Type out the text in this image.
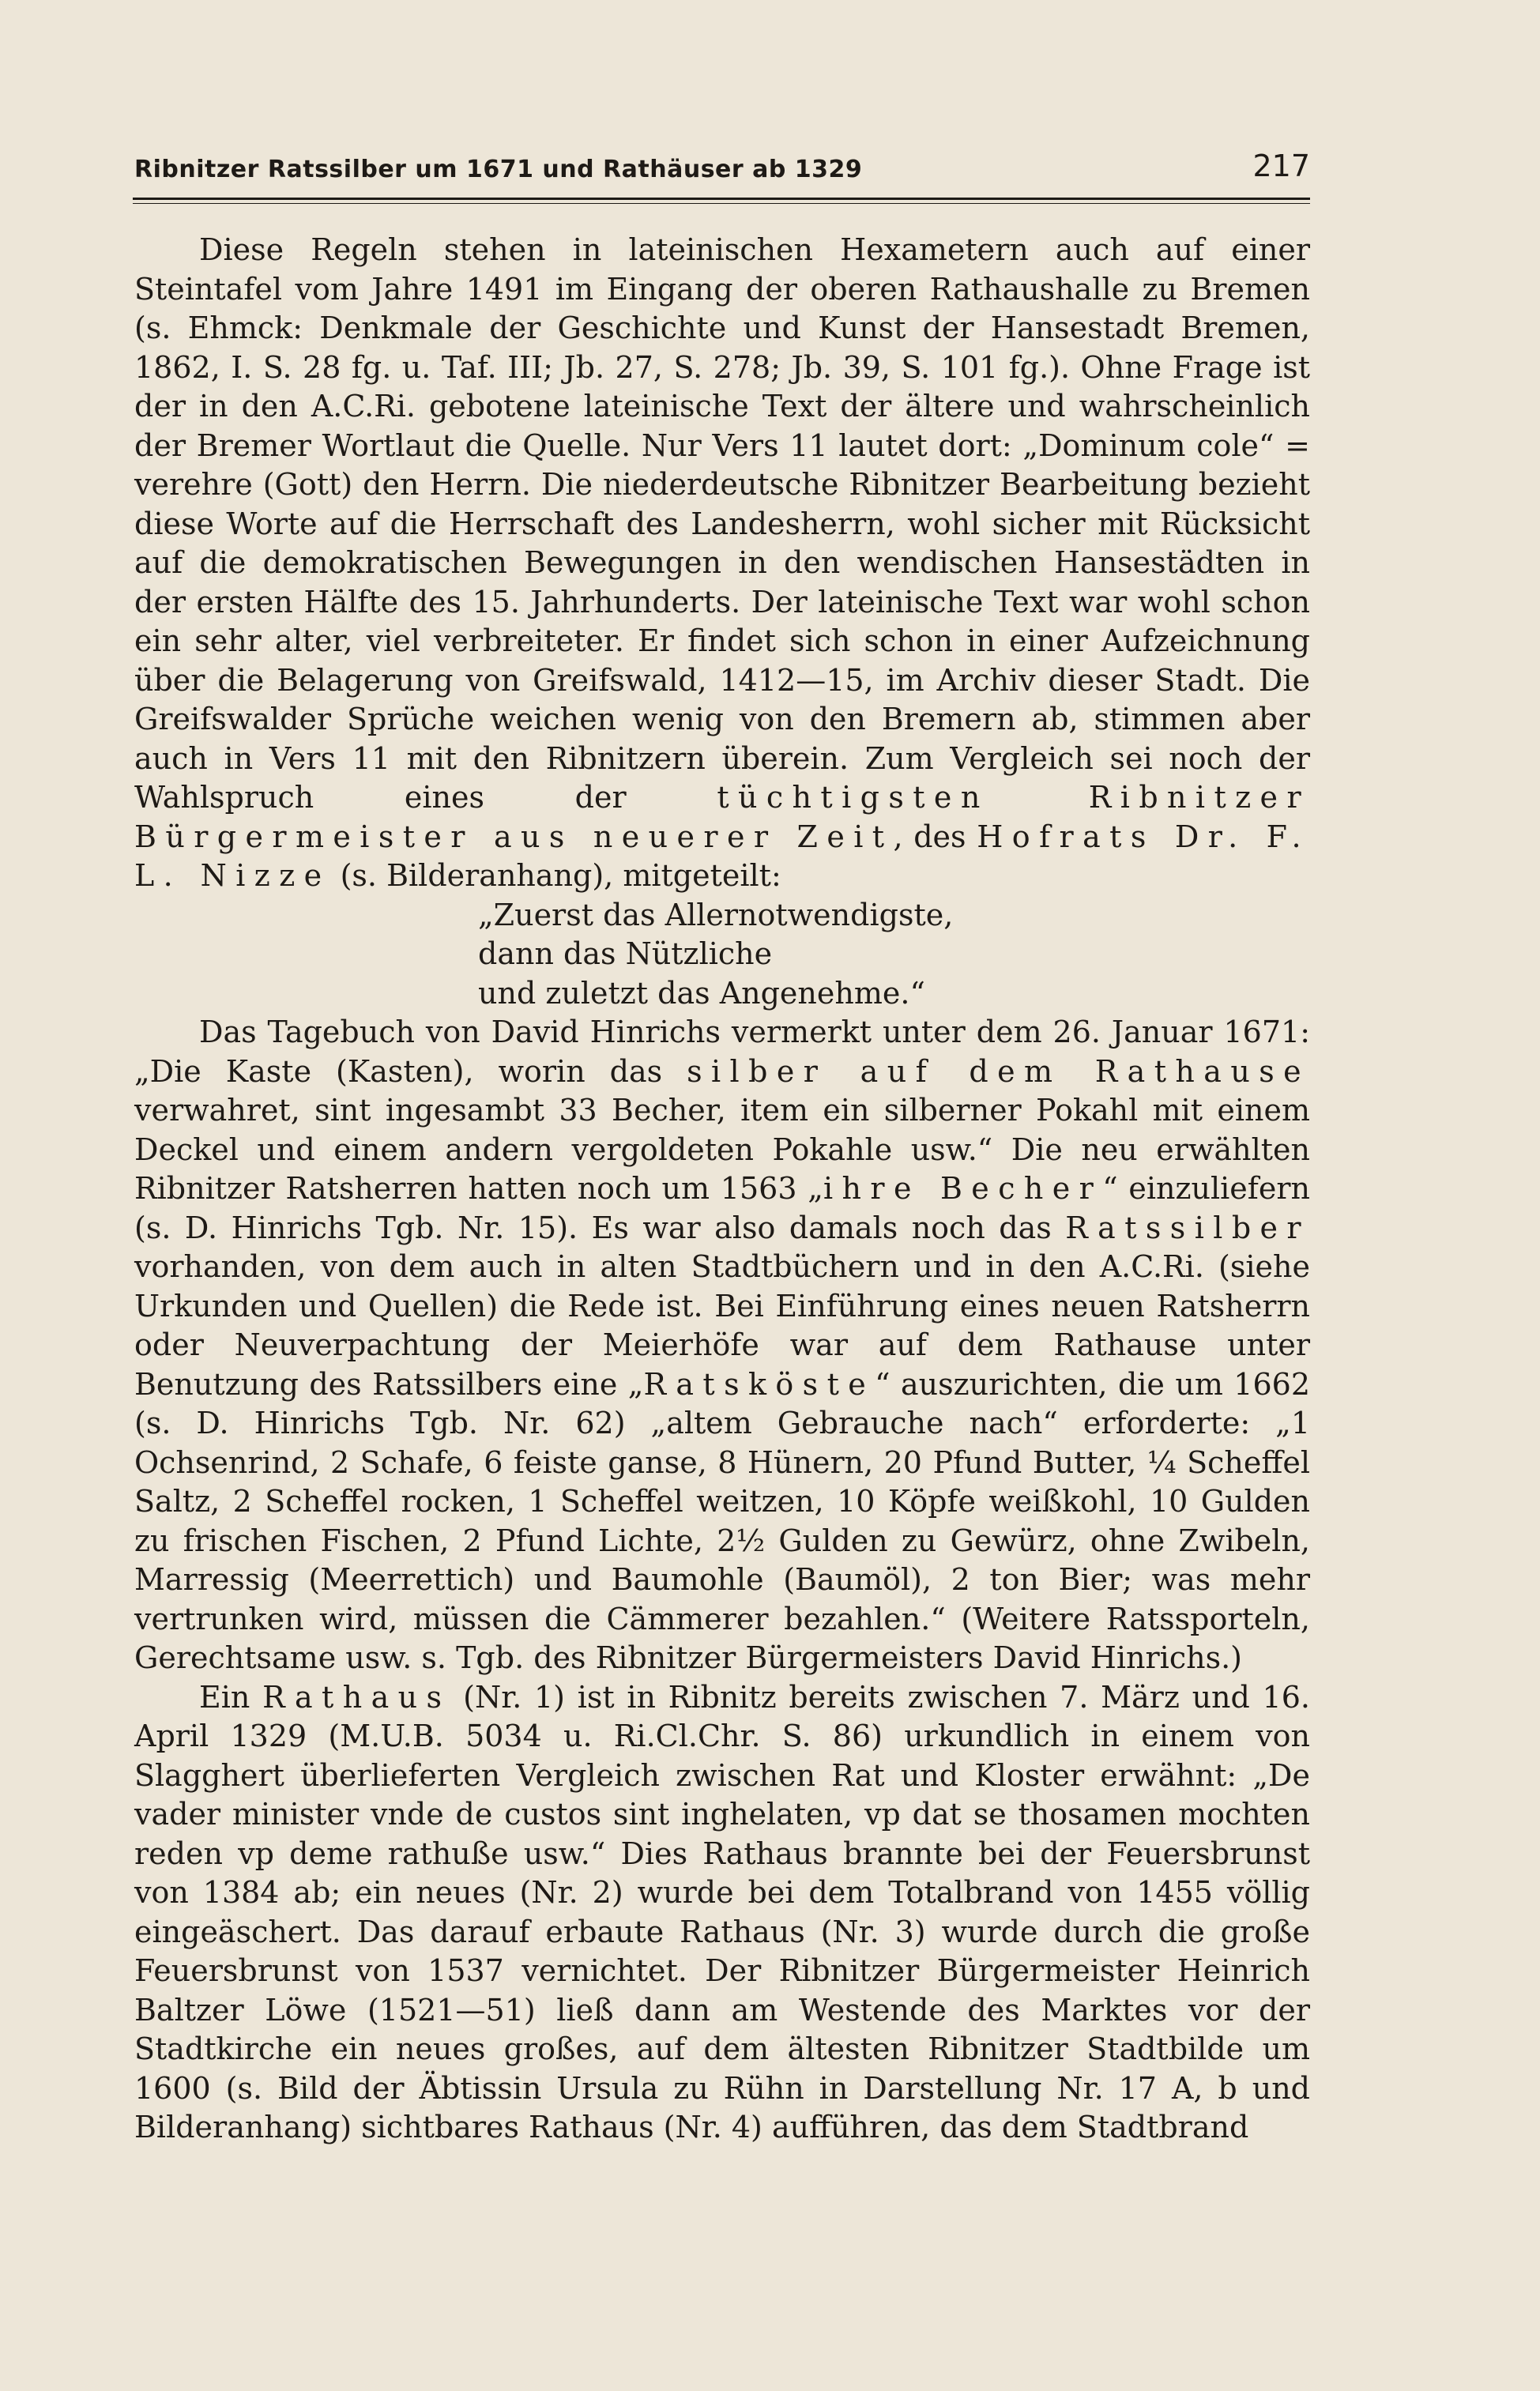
Ribnitzer Ratssilber um 1671 und Rathäuser ab 1329	217

Diese Regeln stehen in lateinischen Hexametern auch auf einer Steintafel vom Jahre 1491 im Eingang der oberen Rathaushalle zu Bremen (s. Ehmck: Denkmale der Geschichte und Kunst der Hansestadt Bremen, 1862, I. S. 28 fg. u. Taf. III; Jb. 27, S. 278; Jb. 39, S. 101 fg.). Ohne Frage ist der in den A.C.Ri. gebotene lateinische Text der ältere und wahrscheinlich der Bremer Wortlaut die Quelle. Nur Vers 11 lautet dort: „Dominum cole“ = verehre (Gott) den Herrn. Die niederdeutsche Ribnitzer Bearbeitung bezieht diese Worte auf die Herrschaft des Landesherrn, wohl sicher mit Rücksicht auf die demokratischen Bewegungen in den wendischen Hansestädten in der ersten Hälfte des 15. Jahrhunderts. Der lateinische Text war wohl schon ein sehr alter, viel verbreiteter. Er findet sich schon in einer Aufzeichnung über die Belagerung von Greifswald, 1412—15, im Archiv dieser Stadt. Die Greifswalder Sprüche weichen wenig von den Bremern ab, stimmen aber auch in Vers 11 mit den Ribnitzern überein. Zum Vergleich sei noch der Wahlspruch eines der tüchtigsten Ribnitzer Bürgermeister aus neuerer Zeit, des Hofrats Dr. F. L. Nizze (s. Bilderanhang), mitgeteilt:

„Zuerst das Allernotwendigste,
dann das Nützliche
und zuletzt das Angenehme.“

Das Tagebuch von David Hinrichs vermerkt unter dem 26. Januar 1671: „Die Kaste (Kasten), worin das silber auf dem Rathause verwahret, sint ingesambt 33 Becher, item ein silberner Pokahl mit einem Deckel und einem andern vergoldeten Pokahle usw.“ Die neu erwählten Ribnitzer Ratsherren hatten noch um 1563 „ihre Becher“ einzuliefern (s. D. Hinrichs Tgb. Nr. 15). Es war also damals noch das Ratssilber vorhanden, von dem auch in alten Stadtbüchern und in den A.C.Ri. (siehe Urkunden und Quellen) die Rede ist. Bei Einführung eines neuen Ratsherrn oder Neuverpachtung der Meierhöfe war auf dem Rathause unter Benutzung des Ratssilbers eine „Ratsköste“ auszurichten, die um 1662 (s. D. Hinrichs Tgb. Nr. 62) „altem Gebrauche nach“ erforderte: „1 Ochsenrind, 2 Schafe, 6 feiste ganse, 8 Hünern, 20 Pfund Butter, ¼ Scheffel Saltz, 2 Scheffel rocken, 1 Scheffel weitzen, 10 Köpfe weißkohl, 10 Gulden zu frischen Fischen, 2 Pfund Lichte, 2½ Gulden zu Gewürz, ohne Zwibeln, Marressig (Meerrettich) und Baumohle (Baumöl), 2 ton Bier; was mehr vertrunken wird, müssen die Cämmerer bezahlen.“ (Weitere Ratssporteln, Gerechtsame usw. s. Tgb. des Ribnitzer Bürgermeisters David Hinrichs.)

Ein Rathaus (Nr. 1) ist in Ribnitz bereits zwischen 7. März und 16. April 1329 (M.U.B. 5034 u. Ri.Cl.Chr. S. 86) urkundlich in einem von Slagghert überlieferten Vergleich zwischen Rat und Kloster erwähnt: „De vader minister vnde de custos sint inghelaten, vp dat se thosamen mochten reden vp deme rathuße usw.“ Dies Rathaus brannte bei der Feuersbrunst von 1384 ab; ein neues (Nr. 2) wurde bei dem Totalbrand von 1455 völlig eingeäschert. Das darauf erbaute Rathaus (Nr. 3) wurde durch die große Feuersbrunst von 1537 vernichtet. Der Ribnitzer Bürgermeister Heinrich Baltzer Löwe (1521—51) ließ dann am Westende des Marktes vor der Stadtkirche ein neues großes, auf dem ältesten Ribnitzer Stadtbilde um 1600 (s. Bild der Äbtissin Ursula zu Rühn in Darstellung Nr. 17 A, b und Bilderanhang) sichtbares Rathaus (Nr. 4) aufführen, das dem Stadtbrand
